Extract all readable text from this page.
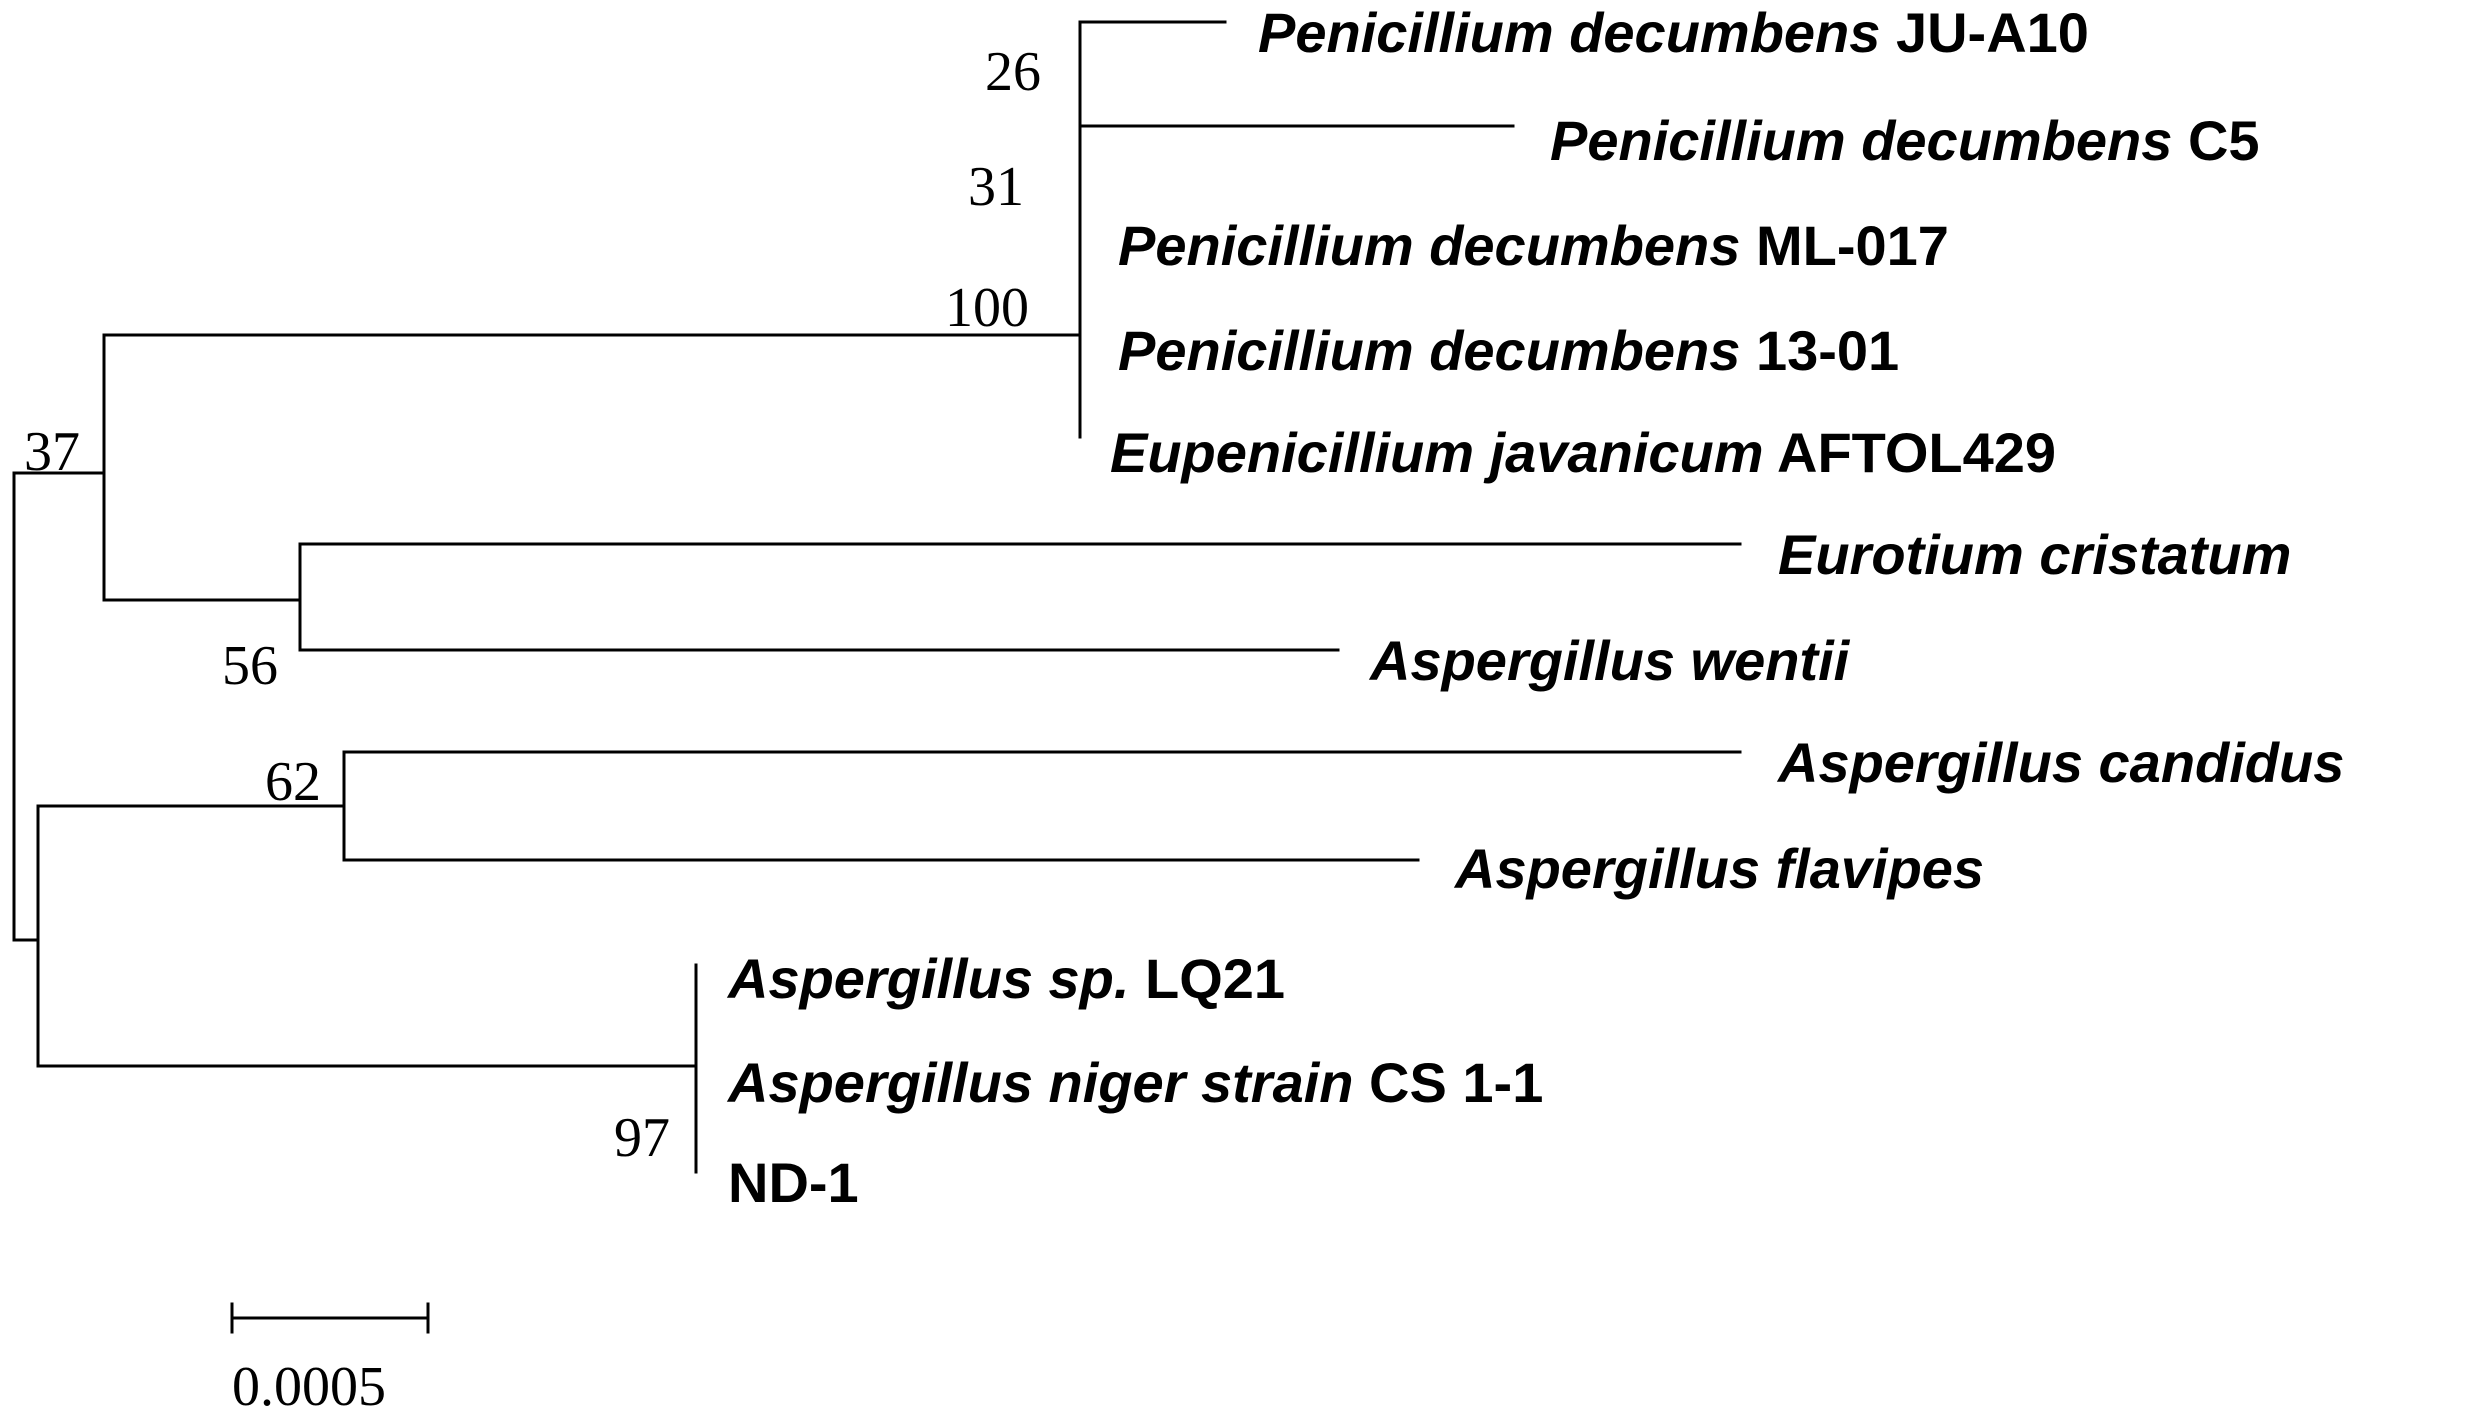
26
31
100
37
56
62
97
Penicillium decumbens JU-A10
Penicillium decumbens C5
Penicillium decumbens ML-017
Penicillium decumbens 13-01
Eupenicillium javanicum AFTOL429
Eurotium cristatum
Aspergillus wentii
Aspergillus candidus
Aspergillus flavipes
Aspergillus sp. LQ21
Aspergillus niger strain CS 1-1
ND-1
0.0005
